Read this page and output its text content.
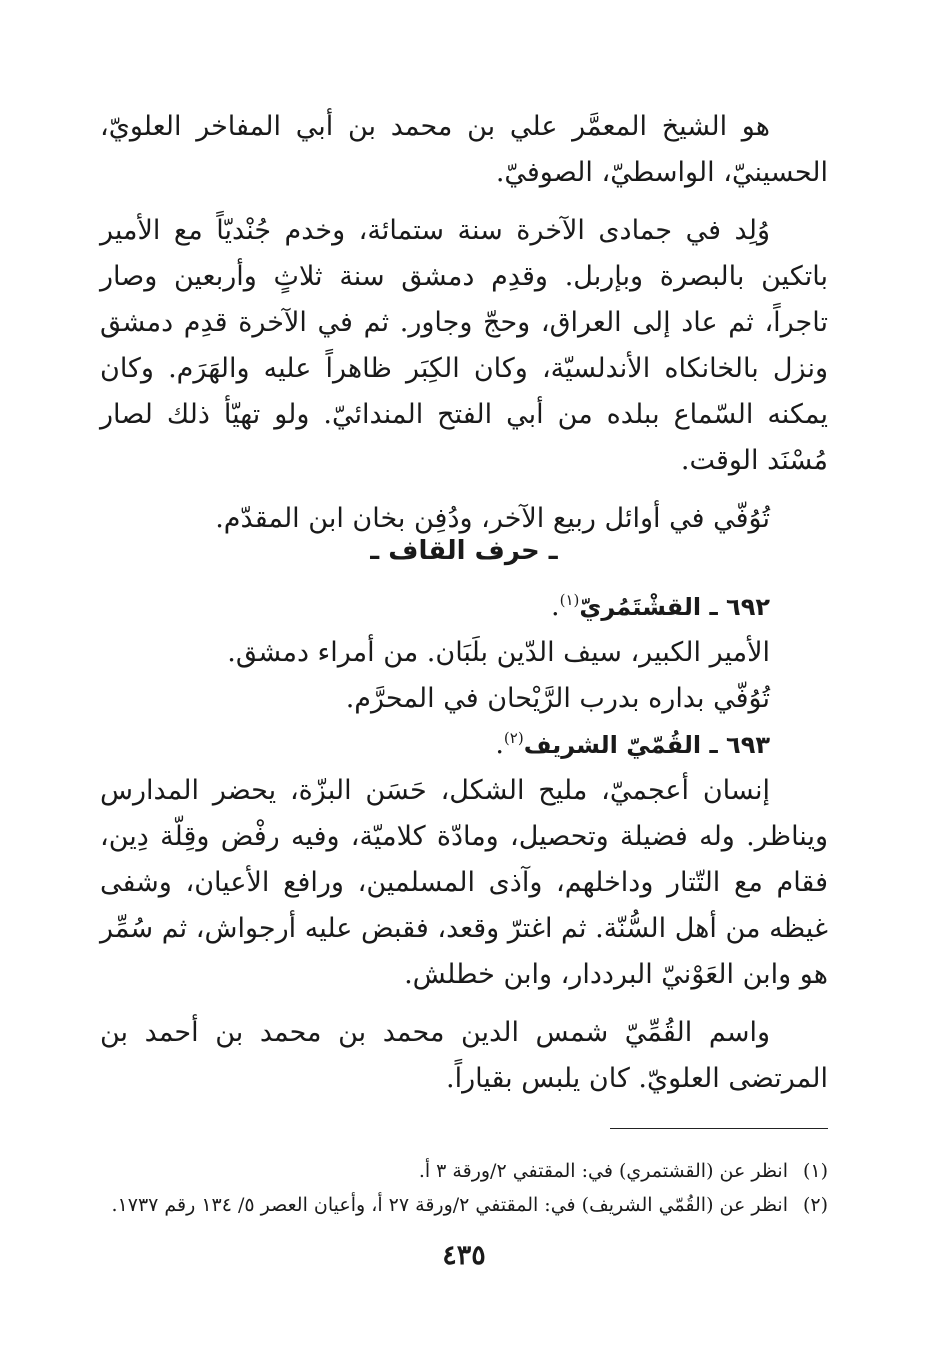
هو الشيخ المعمَّر علي بن محمد بن أبي المفاخر العلويّ، الحسينيّ، الواسطيّ، الصوفيّ.

وُلِد في جمادى الآخرة سنة ستمائة، وخدم جُنْديّاً مع الأمير باتكين بالبصرة وبإربل. وقدِم دمشق سنة ثلاثٍ وأربعين وصار تاجراً، ثم عاد إلى العراق، وحجّ وجاور. ثم في الآخرة قدِم دمشق ونزل بالخانكاه الأندلسيّة، وكان الكِبَر ظاهراً عليه والهَرَم. وكان يمكنه السّماع ببلده من أبي الفتح المندائيّ. ولو تهيّأ ذلك لصار مُسْنَد الوقت.

تُوُفّي في أوائل ربيع الآخر، ودُفِن بخان ابن المقدّم.

ـ حرف القاف ـ

٦٩٢ ـ القشْتَمُريّ$^{(١)}$.

الأمير الكبير، سيف الدّين بلَبَان. من أمراء دمشق.

تُوُفّي بداره بدرب الرَّيْحان في المحرَّم.

٦٩٣ ـ القُمّيّ الشريف$^{(٢)}$.

إنسان أعجميّ، مليح الشكل، حَسَن البزّة، يحضر المدارس ويناظر. وله فضيلة وتحصيل، ومادّة كلاميّة، وفيه رفْض وقِلّة دِين، فقام مع التّتار وداخلهم، وآذى المسلمين، ورافع الأعيان، وشفى غيظه من أهل السُّنّة. ثم اغترّ وقعد، فقبض عليه أرجواش، ثم سُمِّر هو وابن العَوْنيّ البرددار، وابن خطلش.

واسم القُمِّيّ شمس الدين محمد بن محمد بن أحمد بن المرتضى العلويّ. كان يلبس بقياراً.

(١)انظر عن (القشتمري) في: المقتفي ٢/ورقة ٣ أ.

(٢)انظر عن (القُمّي الشريف) في: المقتفي ٢/ورقة ٢٧ أ، وأعيان العصر ٥/ ١٣٤ رقم ١٧٣٧.

٤٣٥
